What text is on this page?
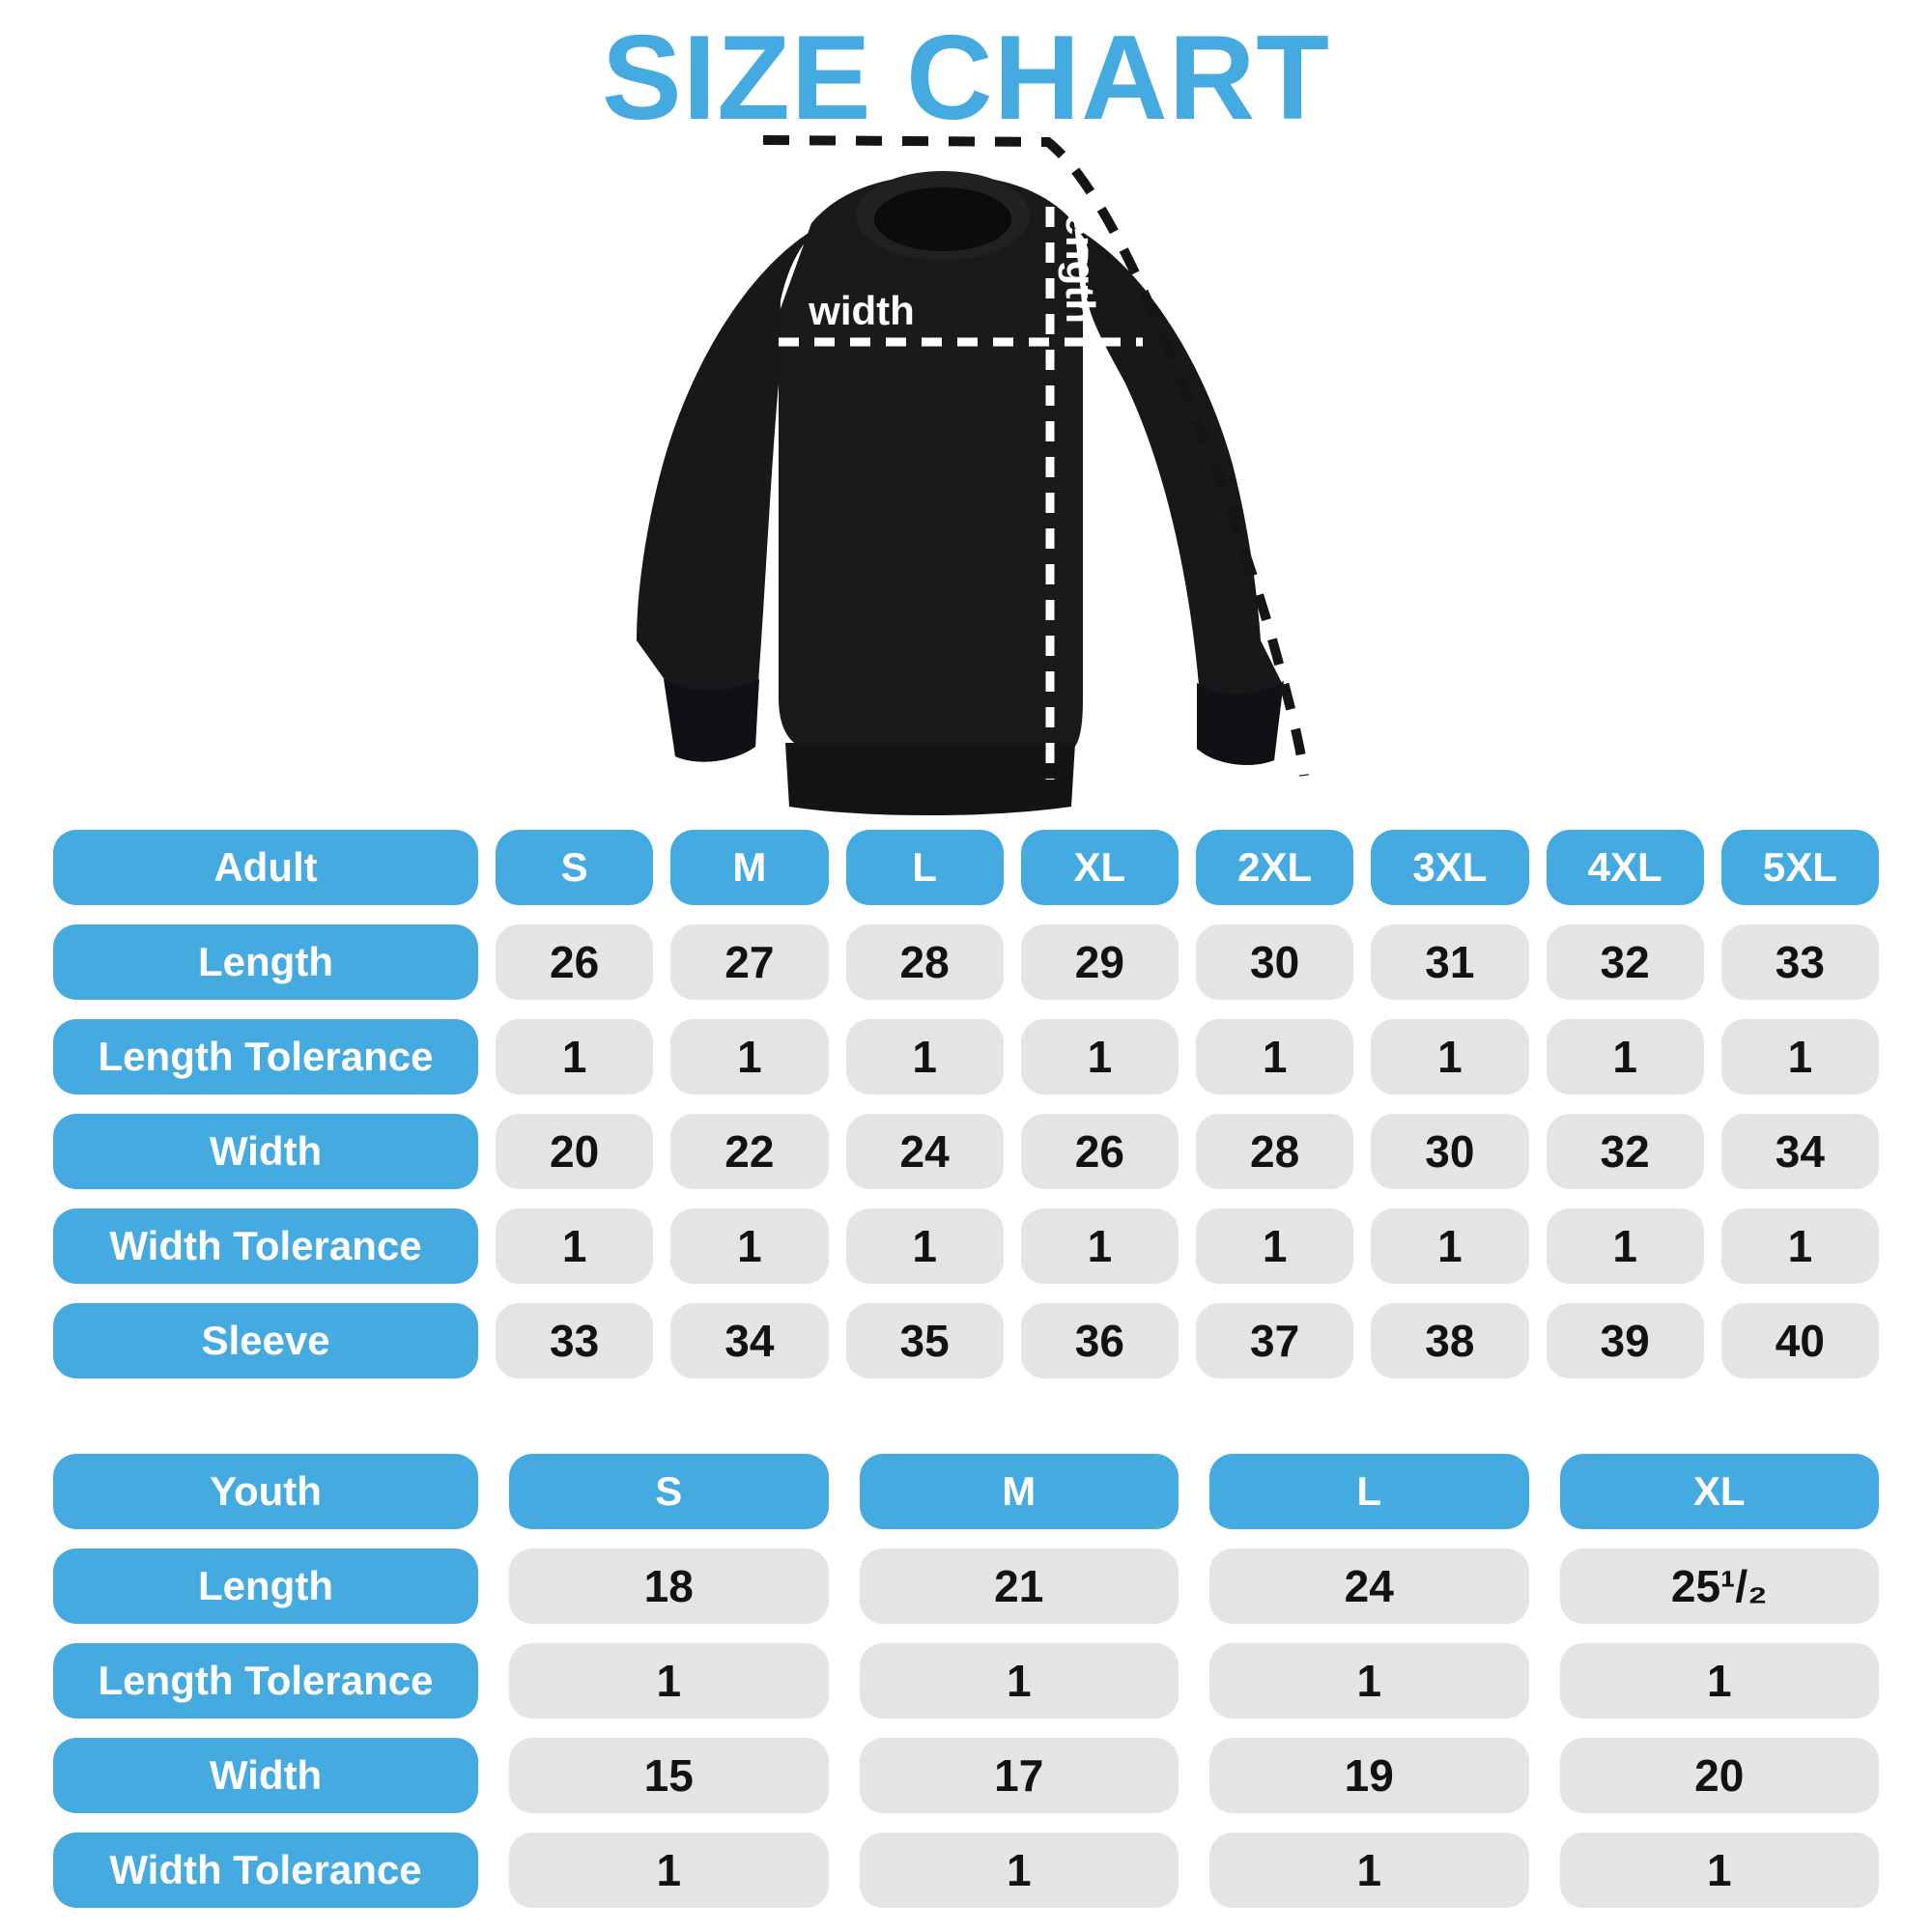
SIZE CHART
width	length sleeve
Adult	S	M	L	XL	2XL	3XL	4XL	5XL
Length	26	27	28	29	30	31	32	33
Length Tolerance	1	1	1	1	1	1	1	1
Width	20	22	24	26	28	30	32	34
Width Tolerance	1	1	1	1	1	1	1	1
Sleeve	33	34	35	36	37	38	39	40
Youth	S	M	L	XL
Length	18	21	24	25¹/₂
Length Tolerance	1	1	1	1
Width	15	17	19	20
Width Tolerance	1	1	1	1
